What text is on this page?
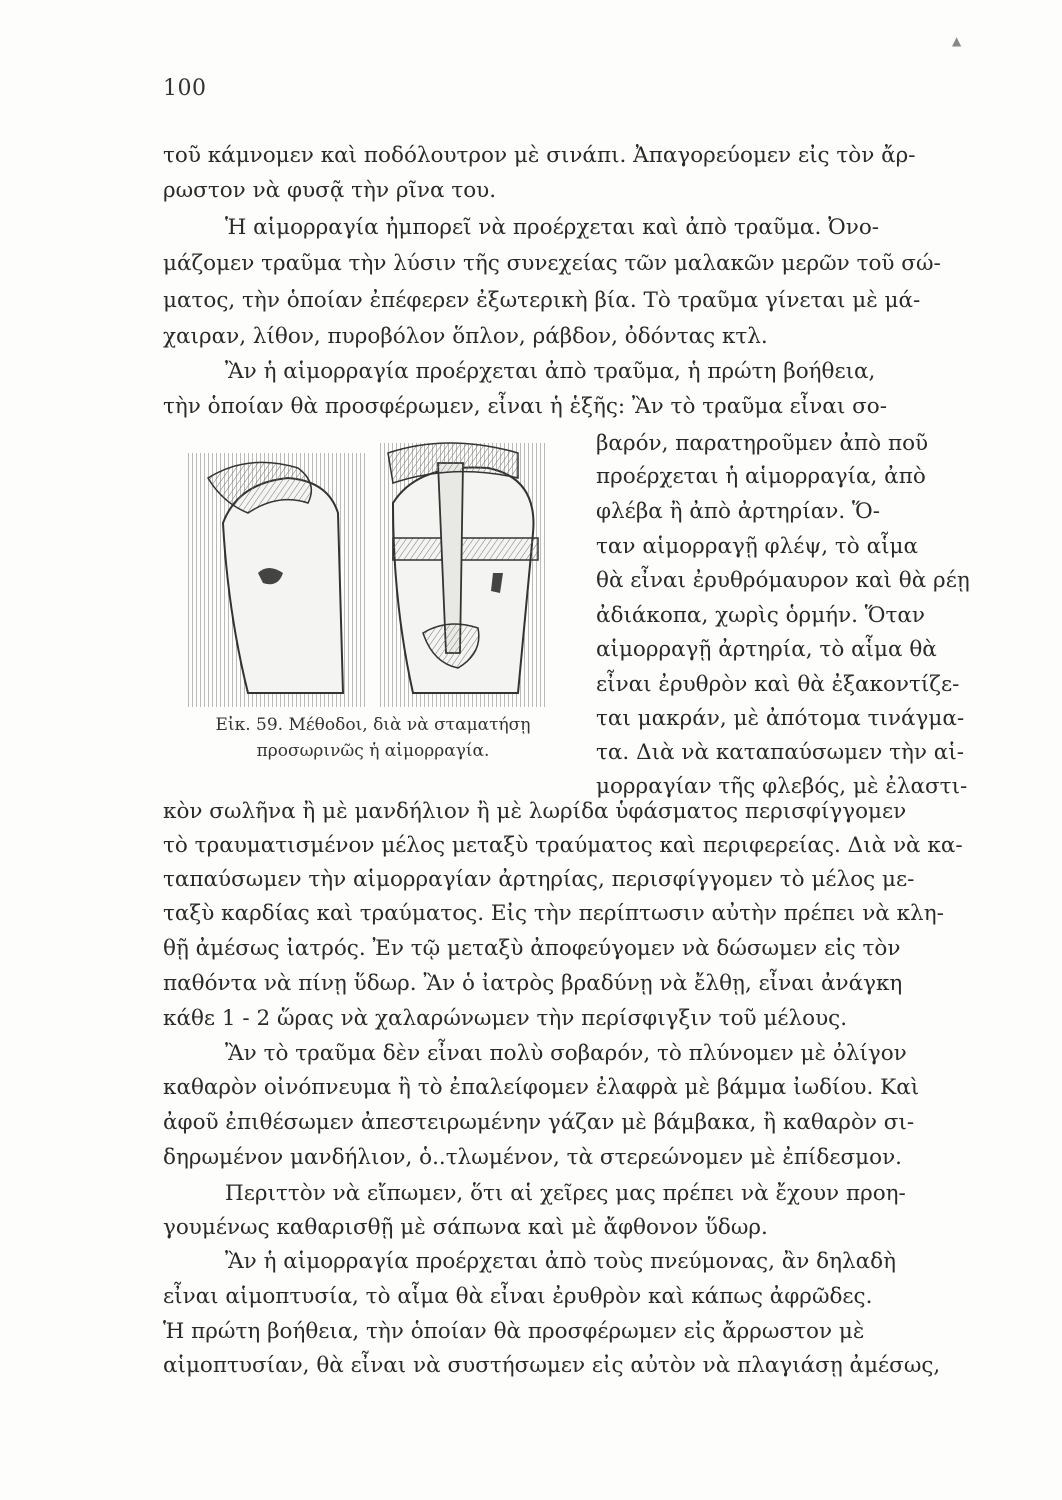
100
▲
τοῦ κάμνομεν καὶ ποδόλουτρον μὲ σινάπι. Ἀπαγορεύομεν εἰς τὸν ἄρ-
ρωστον νὰ φυσᾷ τὴν ρῖνα του.
Ἡ αἱμορραγία ἠμπορεῖ νὰ προέρχεται καὶ ἀπὸ τραῦμα. Ὀνο-
μάζομεν τραῦμα τὴν λύσιν τῆς συνεχείας τῶν μαλακῶν μερῶν τοῦ σώ-
ματος, τὴν ὁποίαν ἐπέφερεν ἐξωτερικὴ βία. Τὸ τραῦμα γίνεται μὲ μά-
χαιραν, λίθον, πυροβόλον ὅπλον, ράβδον, ὀδόντας κτλ.
Ἂν ἡ αἱμορραγία προέρχεται ἀπὸ τραῦμα, ἡ πρώτη βοήθεια,
τὴν ὁποίαν θὰ προσφέρωμεν, εἶναι ἡ ἑξῆς: Ἂν τὸ τραῦμα εἶναι σο-
βαρόν, παρατηροῦμεν ἀπὸ ποῦ
προέρχεται ἡ αἱμορραγία, ἀπὸ
φλέβα ἢ ἀπὸ ἀρτηρίαν. Ὅ-
ταν αἱμορραγῇ φλέψ, τὸ αἷμα
θὰ εἶναι ἐρυθρόμαυρον καὶ θὰ ρέῃ
ἀδιάκοπα, χωρὶς ὁρμήν. Ὅταν
αἱμορραγῇ ἀρτηρία, τὸ αἷμα θὰ
εἶναι ἐρυθρὸν καὶ θὰ ἐξακοντίζε-
ται μακράν, μὲ ἀπότομα τινάγμα-
τα. Διὰ νὰ καταπαύσωμεν τὴν αἱ-
μορραγίαν τῆς φλεβός, μὲ ἐλαστι-
Εἰκ. 59. Μέθοδοι, διὰ νὰ σταματήσῃ
προσωρινῶς ἡ αἱμορραγία.
κὸν σωλῆνα ἢ μὲ μανδήλιον ἢ μὲ λωρίδα ὑφάσματος περισφίγγομεν
τὸ τραυματισμένον μέλος μεταξὺ τραύματος καὶ περιφερείας. Διὰ νὰ κα-
ταπαύσωμεν τὴν αἱμορραγίαν ἀρτηρίας, περισφίγγομεν τὸ μέλος με-
ταξὺ καρδίας καὶ τραύματος. Εἰς τὴν περίπτωσιν αὐτὴν πρέπει νὰ κλη-
θῇ ἀμέσως ἰατρός. Ἐν τῷ μεταξὺ ἀποφεύγομεν νὰ δώσωμεν εἰς τὸν
παθόντα νὰ πίνῃ ὕδωρ. Ἂν ὁ ἰατρὸς βραδύνῃ νὰ ἔλθῃ, εἶναι ἀνάγκη
κάθε 1 - 2 ὥρας νὰ χαλαρώνωμεν τὴν περίσφιγξιν τοῦ μέλους.
Ἂν τὸ τραῦμα δὲν εἶναι πολὺ σοβαρόν, τὸ πλύνομεν μὲ ὀλίγον
καθαρὸν οἰνόπνευμα ἢ τὸ ἐπαλείφομεν ἐλαφρὰ μὲ βάμμα ἰωδίου. Καὶ
ἀφοῦ ἐπιθέσωμεν ἀπεστειρωμένην γάζαν μὲ βάμβακα, ἢ καθαρὸν σι-
δηρωμένον μανδήλιον, ὁ..τλωμένον, τὰ στερεώνομεν μὲ ἐπίδεσμον.
Περιττὸν νὰ εἴπωμεν, ὅτι αἱ χεῖρες μας πρέπει νὰ ἔχουν προη-
γουμένως καθαρισθῇ μὲ σάπωνα καὶ μὲ ἄφθονον ὕδωρ.
Ἂν ἡ αἱμορραγία προέρχεται ἀπὸ τοὺς πνεύμονας, ἂν δηλαδὴ
εἶναι αἱμοπτυσία, τὸ αἷμα θὰ εἶναι ἐρυθρὸν καὶ κάπως ἀφρῶδες.
Ἡ πρώτη βοήθεια, τὴν ὁποίαν θὰ προσφέρωμεν εἰς ἄρρωστον μὲ
αἱμοπτυσίαν, θὰ εἶναι νὰ συστήσωμεν εἰς αὐτὸν νὰ πλαγιάσῃ ἀμέσως,
